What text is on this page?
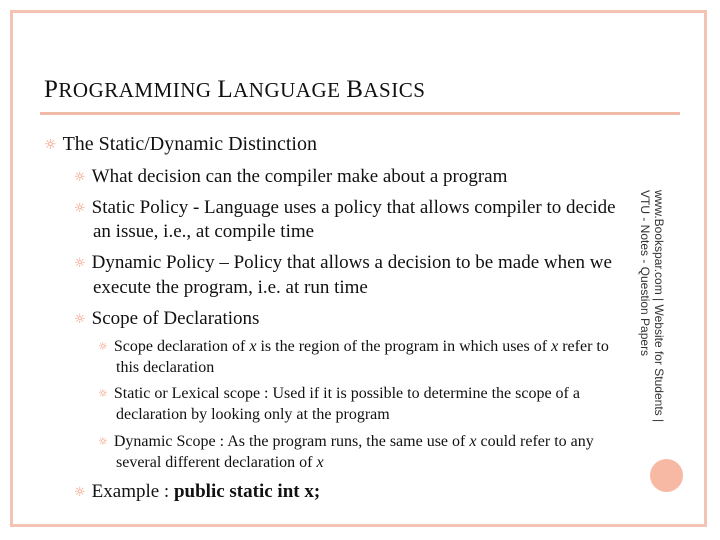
PROGRAMMING LANGUAGE BASICS
☼ The Static/Dynamic Distinction
☼ What decision can the compiler make about a program
☼ Static Policy - Language uses a policy that allows compiler to decide
an issue, i.e., at compile time
☼ Dynamic Policy – Policy that allows a decision to be made when we
execute the program, i.e. at run time
☼ Scope of Declarations
☼ Scope declaration of x is the region of the program in which uses of x refer to
this declaration
☼ Static or Lexical scope : Used if it is possible to determine the scope of a
declaration by looking only at the program
☼ Dynamic Scope : As the program runs, the same use of x could refer to any
several different declaration of x
☼ Example : public static int x;
www.Bookspar.com | Website for Students |
VTU - Notes - Question Papers
